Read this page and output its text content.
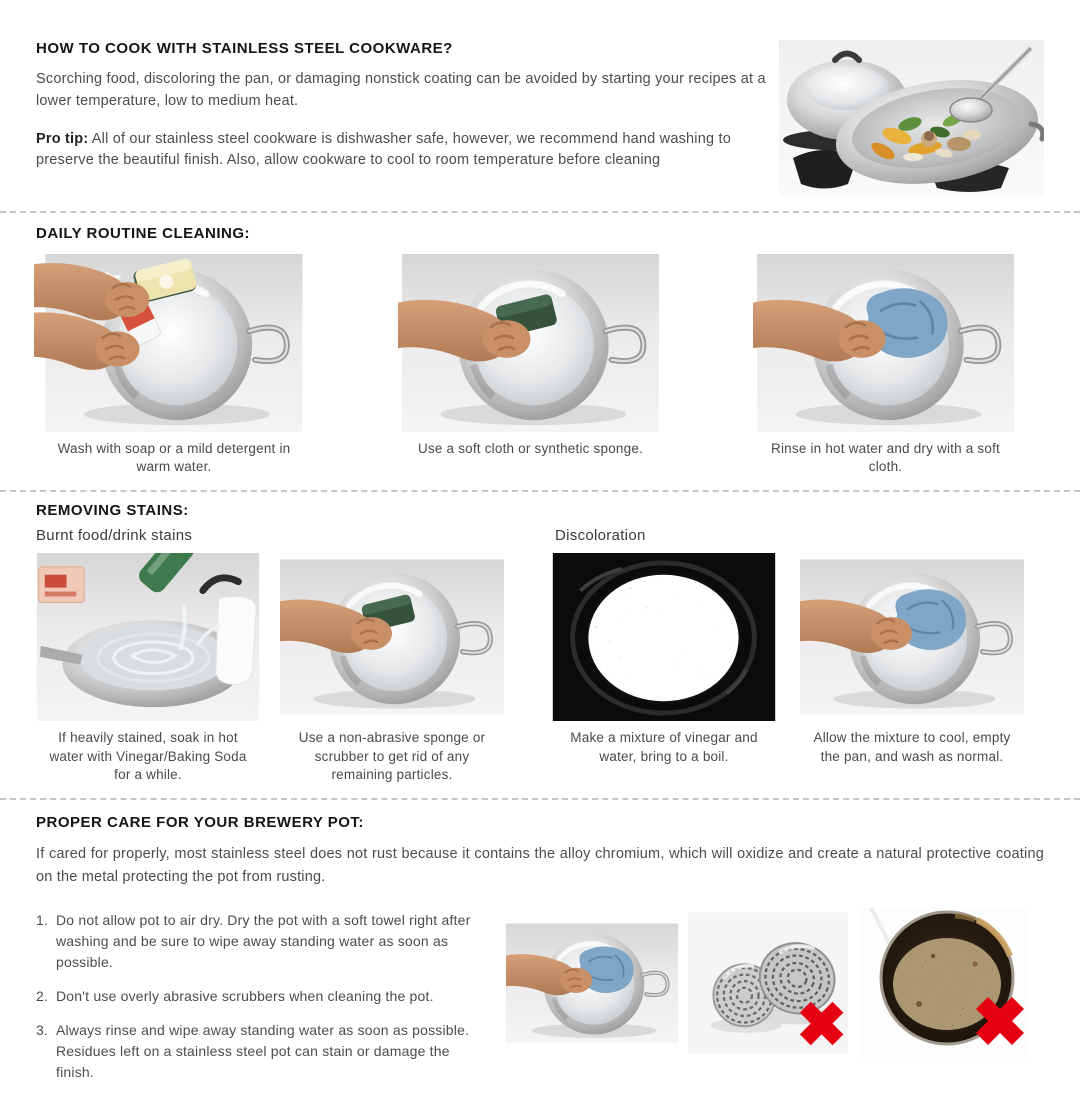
HOW TO COOK WITH STAINLESS STEEL COOKWARE?

Scorching food, discoloring the pan, or damaging nonstick coating can be avoided by starting your recipes at a lower temperature, low to medium heat.

Pro tip: All of our stainless steel cookware is dishwasher safe, however, we recommend hand washing to preserve the beautiful finish. Also, allow cookware to cool to room temperature before cleaning

DAILY ROUTINE CLEANING:
Wash with soap or a mild detergent in warm water.
Use a soft cloth or synthetic sponge.	Rinse in hot water and dry with a soft cloth.
REMOVING STAINS:
Burnt food/drink stains	Discoloration
If heavily stained, soak in hot water with Vinegar/Baking Soda for a while.
Use a non-abrasive sponge or scrubber to get rid of any remaining particles.
Make a mixture of vinegar and water, bring to a boil.
Allow the mixture to cool, empty the pan, and wash as normal.
PROPER CARE FOR YOUR BREWERY POT:

If cared for properly, most stainless steel does not rust because it contains the alloy chromium, which will oxidize and create a natural protective coating on the metal protecting the pot from rusting.

1. Do not allow pot to air dry. Dry the pot with a soft towel right after washing and be sure to wipe away standing water as soon as possible.
2. Don't use overly abrasive scrubbers when cleaning the pot.
3. Always rinse and wipe away standing water as soon as possible. Residues left on a stainless steel pot can stain or damage the finish.
